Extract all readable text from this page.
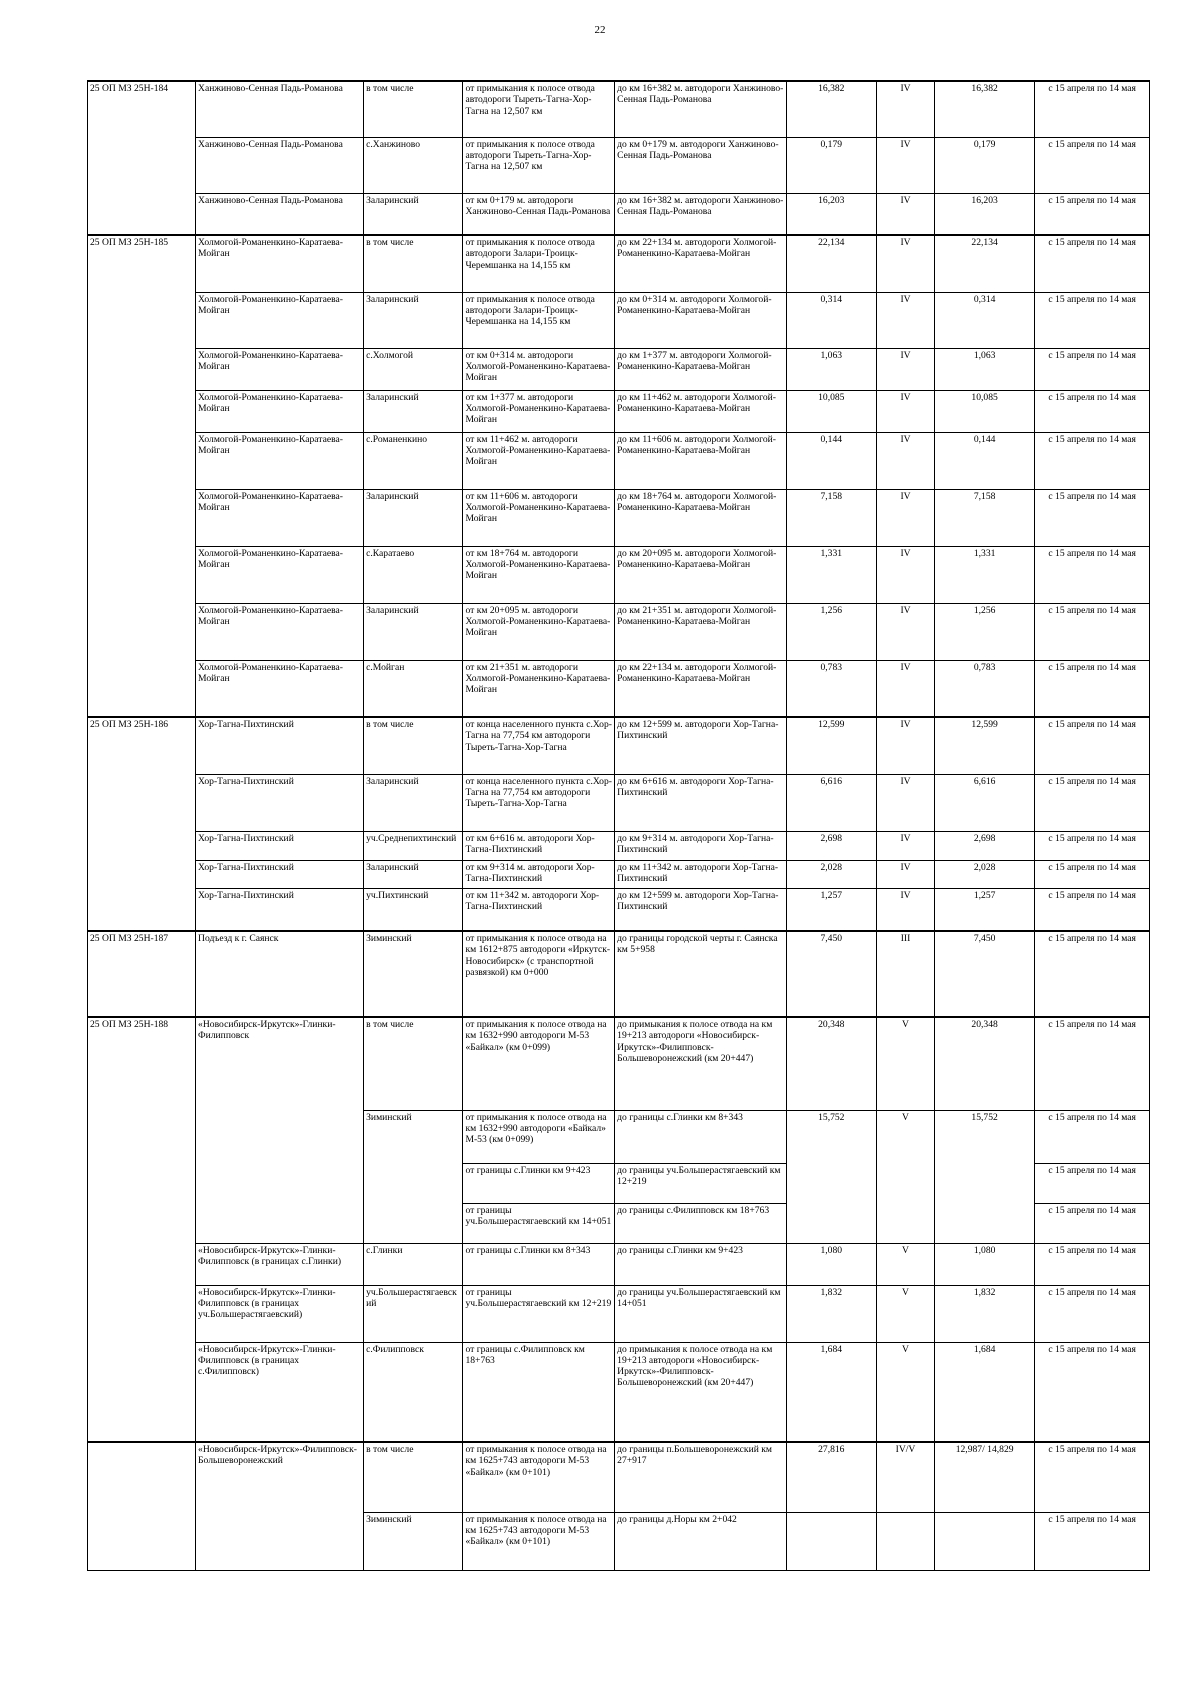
22
25 ОП МЗ 25Н-184	Ханжиново-Сенная Падь-Романова	в том числе	от примыкания к полосе отвода автодороги Тыреть-Тагна-Хор-Тагна на 12,507 км	до км 16+382 м. автодороги Ханжиново-Сенная Падь-Романова	16,382	IV	16,382	с 15 апреля по 14 мая
	Ханжиново-Сенная Падь-Романова	с.Ханжиново	от примыкания к полосе отвода автодороги Тыреть-Тагна-Хор-Тагна на 12,507 км	до км 0+179 м. автодороги Ханжиново-Сенная Падь-Романова	0,179	IV	0,179	с 15 апреля по 14 мая
	Ханжиново-Сенная Падь-Романова	Заларинский	от км 0+179 м. автодороги Ханжиново-Сенная Падь-Романова	до км 16+382 м. автодороги Ханжиново-Сенная Падь-Романова	16,203	IV	16,203	с 15 апреля по 14 мая
25 ОП МЗ 25Н-185	Холмогой-Романенкино-Каратаева-Мойган	в том числе	от примыкания к полосе отвода автодороги Залари-Троицк-Черемшанка на 14,155 км	до км 22+134 м. автодороги Холмогой-Романенкино-Каратаева-Мойган	22,134	IV	22,134	с 15 апреля по 14 мая
	Холмогой-Романенкино-Каратаева-Мойган	Заларинский	от примыкания к полосе отвода автодороги Залари-Троицк-Черемшанка на 14,155 км	до км 0+314 м. автодороги Холмогой-Романенкино-Каратаева-Мойган	0,314	IV	0,314	с 15 апреля по 14 мая
	Холмогой-Романенкино-Каратаева-Мойган	с.Холмогой	от км 0+314 м. автодороги Холмогой-Романенкино-Каратаева-Мойган	до км 1+377 м. автодороги Холмогой-Романенкино-Каратаева-Мойган	1,063	IV	1,063	с 15 апреля по 14 мая
	Холмогой-Романенкино-Каратаева-Мойган	Заларинский	от км 1+377 м. автодороги Холмогой-Романенкино-Каратаева-Мойган	до км 11+462 м. автодороги Холмогой-Романенкино-Каратаева-Мойган	10,085	IV	10,085	с 15 апреля по 14 мая
	Холмогой-Романенкино-Каратаева-Мойган	с.Романенкино	от км 11+462 м. автодороги Холмогой-Романенкино-Каратаева-Мойган	до км 11+606 м. автодороги Холмогой-Романенкино-Каратаева-Мойган	0,144	IV	0,144	с 15 апреля по 14 мая
	Холмогой-Романенкино-Каратаева-Мойган	Заларинский	от км 11+606 м. автодороги Холмогой-Романенкино-Каратаева-Мойган	до км 18+764 м. автодороги Холмогой-Романенкино-Каратаева-Мойган	7,158	IV	7,158	с 15 апреля по 14 мая
	Холмогой-Романенкино-Каратаева-Мойган	с.Каратаево	от км 18+764 м. автодороги Холмогой-Романенкино-Каратаева-Мойган	до км 20+095 м. автодороги Холмогой-Романенкино-Каратаева-Мойган	1,331	IV	1,331	с 15 апреля по 14 мая
	Холмогой-Романенкино-Каратаева-Мойган	Заларинский	от км 20+095 м. автодороги Холмогой-Романенкино-Каратаева-Мойган	до км 21+351 м. автодороги Холмогой-Романенкино-Каратаева-Мойган	1,256	IV	1,256	с 15 апреля по 14 мая
	Холмогой-Романенкино-Каратаева-Мойган	с.Мойган	от км 21+351 м. автодороги Холмогой-Романенкино-Каратаева-Мойган	до км 22+134 м. автодороги Холмогой-Романенкино-Каратаева-Мойган	0,783	IV	0,783	с 15 апреля по 14 мая
25 ОП МЗ 25Н-186	Хор-Тагна-Пихтинский	в том числе	от конца населенного пункта с.Хор-Тагна на 77,754 км автодороги Тыреть-Тагна-Хор-Тагна	до км 12+599 м. автодороги Хор-Тагна-Пихтинский	12,599	IV	12,599	с 15 апреля по 14 мая
	Хор-Тагна-Пихтинский	Заларинский	от конца населенного пункта с.Хор-Тагна на 77,754 км автодороги Тыреть-Тагна-Хор-Тагна	до км 6+616 м. автодороги Хор-Тагна-Пихтинский	6,616	IV	6,616	с 15 апреля по 14 мая
	Хор-Тагна-Пихтинский	уч.Среднепихтинский	от км 6+616 м. автодороги Хор-Тагна-Пихтинский	до км 9+314 м. автодороги Хор-Тагна-Пихтинский	2,698	IV	2,698	с 15 апреля по 14 мая
	Хор-Тагна-Пихтинский	Заларинский	от км 9+314 м. автодороги Хор-Тагна-Пихтинский	до км 11+342 м. автодороги Хор-Тагна-Пихтинский	2,028	IV	2,028	с 15 апреля по 14 мая
	Хор-Тагна-Пихтинский	уч.Пихтинский	от км 11+342 м. автодороги Хор-Тагна-Пихтинский	до км 12+599 м. автодороги Хор-Тагна-Пихтинский	1,257	IV	1,257	с 15 апреля по 14 мая
25 ОП МЗ 25Н-187	Подъезд к г. Саянск	Зиминский	от примыкания к полосе отвода на км 1612+875 автодороги «Иркутск-Новосибирск» (с транспортной развязкой) км 0+000	до границы городской черты г. Саянска км 5+958	7,450	III	7,450	с 15 апреля по 14 мая
25 ОП МЗ 25Н-188	«Новосибирск-Иркутск»-Глинки-Филипповск	в том числе	от примыкания к полосе отвода на км 1632+990 автодороги М-53 «Байкал» (км 0+099)	до примыкания к полосе отвода на км 19+213 автодороги «Новосибирск-Иркутск»-Филипповск-Большеворонежский (км 20+447)	20,348	V	20,348	с 15 апреля по 14 мая
		Зиминский	от примыкания к полосе отвода на км 1632+990 автодороги «Байкал» М-53 (км 0+099)	до границы с.Глинки км 8+343	15,752	V	15,752	с 15 апреля по 14 мая
			от границы с.Глинки км 9+423	до границы уч.Большерастягаевский км 12+219				с 15 апреля по 14 мая
			от границы уч.Большерастягаевский км 14+051	до границы с.Филипповск км 18+763				с 15 апреля по 14 мая
	«Новосибирск-Иркутск»-Глинки-Филипповск (в границах с.Глинки)	с.Глинки	от границы с.Глинки км 8+343	до границы с.Глинки км 9+423	1,080	V	1,080	с 15 апреля по 14 мая
	«Новосибирск-Иркутск»-Глинки-Филипповск (в границах уч.Большерастягаевский)	уч.Большерастягаевский	от границы уч.Большерастягаевский км 12+219	до границы уч.Большерастягаевский км 14+051	1,832	V	1,832	с 15 апреля по 14 мая
	«Новосибирск-Иркутск»-Глинки-Филипповск (в границах с.Филипповск)	с.Филипповск	от границы с.Филипповск км 18+763	до примыкания к полосе отвода на км 19+213 автодороги «Новосибирск-Иркутск»-Филипповск-Большеворонежский (км 20+447)	1,684	V	1,684	с 15 апреля по 14 мая
	«Новосибирск-Иркутск»-Филипповск-Большеворонежский	в том числе	от примыкания к полосе отвода на км 1625+743 автодороги М-53 «Байкал» (км 0+101)	до границы п.Большеворонежский км 27+917	27,816	IV/V	12,987/ 14,829	с 15 апреля по 14 мая
		Зиминский	от примыкания к полосе отвода на км 1625+743 автодороги М-53 «Байкал» (км 0+101)	до границы д.Норы км 2+042				с 15 апреля по 14 мая
